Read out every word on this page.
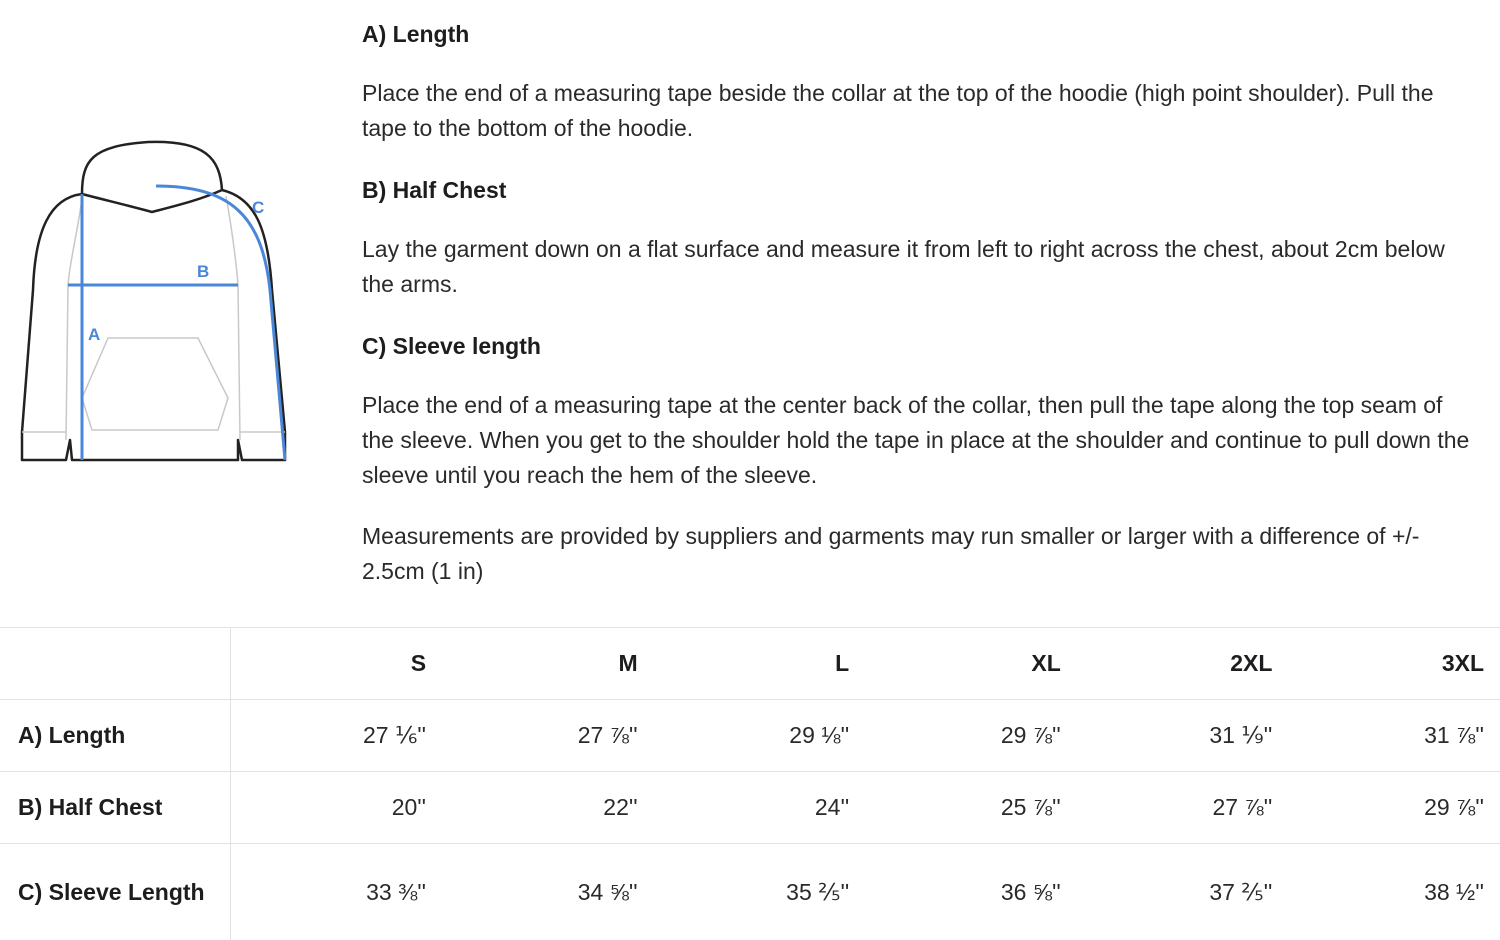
A
B
C
A) Length

Place the end of a measuring tape beside the collar at the top of the hoodie (high point shoulder). Pull the tape to the bottom of the hoodie.

B) Half Chest

Lay the garment down on a flat surface and measure it from left to right across the chest, about 2cm below the arms.

C) Sleeve length

Place the end of a measuring tape at the center back of the collar, then pull the tape along the top seam of the sleeve. When you get to the shoulder hold the tape in place at the shoulder and continue to pull down the sleeve until you reach the hem of the sleeve.

Measurements are provided by suppliers and garments may run smaller or larger with a difference of +/- 2.5cm (1 in)

	S	M	L	XL	2XL	3XL
A) Length	27 ⅙''	27 ⅞''	29 ⅛''	29 ⅞''	31 ⅑''	31 ⅞''
B) Half Chest	20''	22''	24''	25 ⅞''	27 ⅞''	29 ⅞''
C) Sleeve Length	33 ⅜''	34 ⅝''	35 ⅖''	36 ⅝''	37 ⅖''	38 ½''
